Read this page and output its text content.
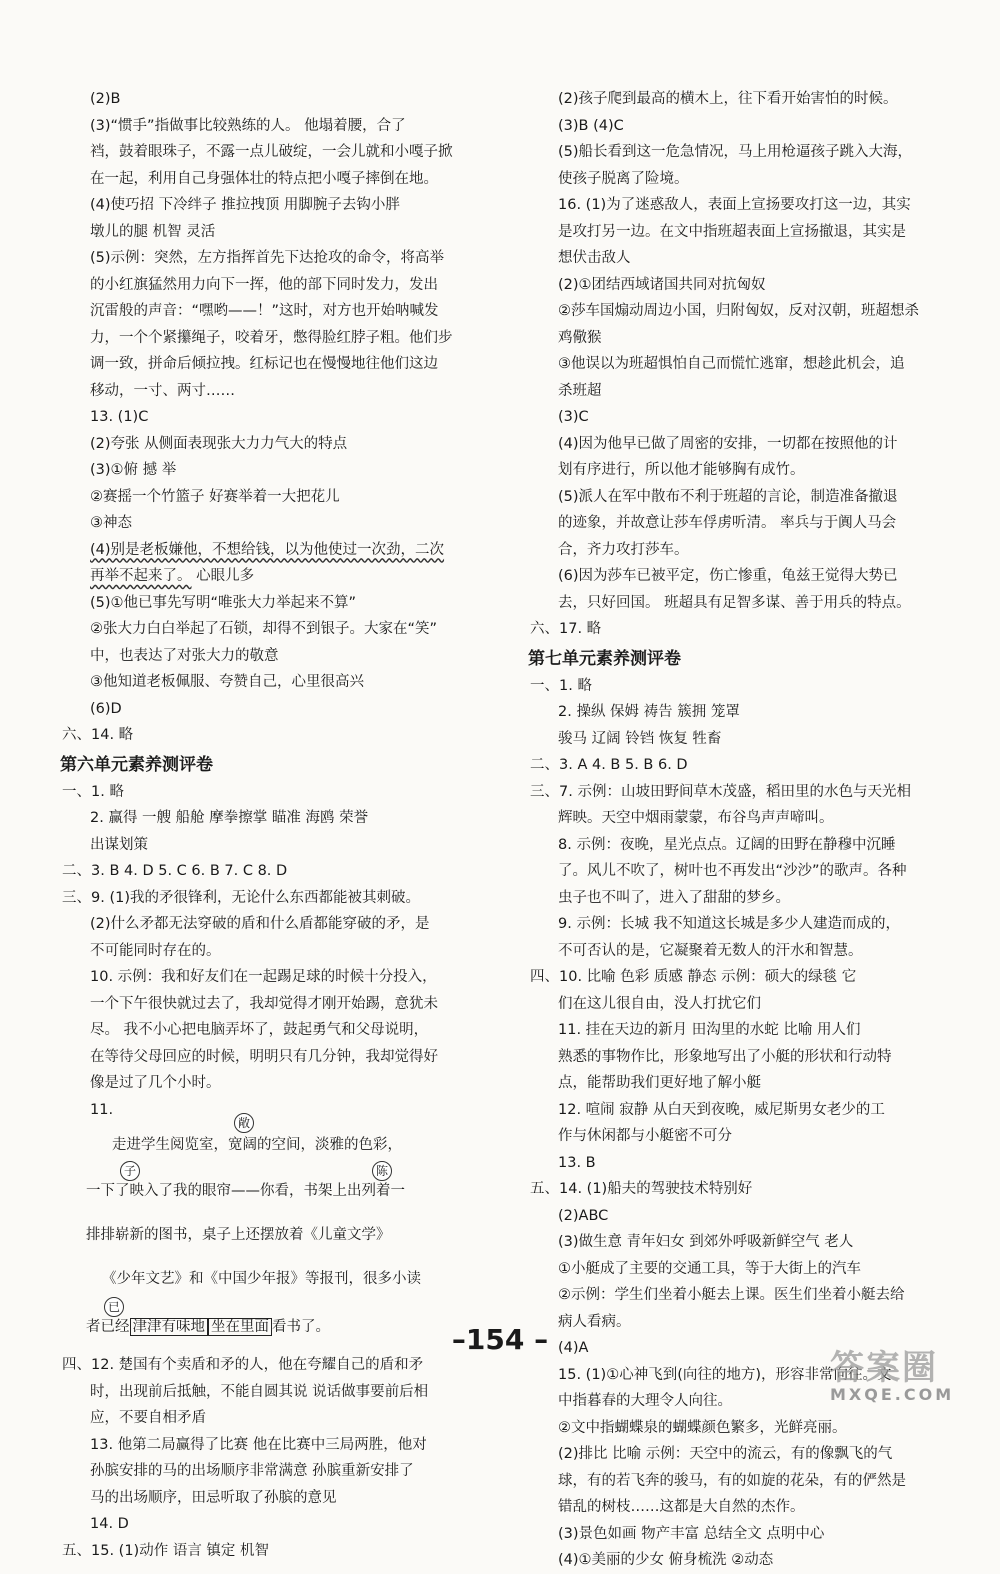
(2)B
(3)“惯手”指做事比较熟练的人。 他塌着腰，合了
裆，鼓着眼珠子，不露一点儿破绽，一会儿就和小嘎子掀
在一起，利用自己身强体壮的特点把小嘎子摔倒在地。
(4)使巧招 下冷绊子 推拉拽顶 用脚腕子去钩小胖
墩儿的腿 机智 灵活
(5)示例：突然，左方指挥首先下达抢攻的命令，将高举
的小红旗猛然用力向下一挥，他的部下同时发力，发出
沉雷般的声音：“嘿哟——！”这时，对方也开始呐喊发
力，一个个紧攥绳子，咬着牙，憋得脸红脖子粗。他们步
调一致，拼命后倾拉拽。红标记也在慢慢地往他们这边
移动，一寸、两寸……
13. (1)C
(2)夸张 从侧面表现张大力力气大的特点
(3)①俯 撼 举
②赛摇一个竹篮子 好赛举着一大把花儿
③神态
(4)别是老板嫌他，不想给钱，以为他使过一次劲，二次
再举不起来了。 心眼儿多
(5)①他已事先写明“唯张大力举起来不算”
②张大力白白举起了石锁，却得不到银子。大家在“笑”
中，也表达了对张大力的敬意
③他知道老板佩服、夸赞自己，心里很高兴
(6)D
六、14. 略
第六单元素养测评卷
一、1. 略
2. 赢得 一艘 船舱 摩拳擦掌 瞄准 海鸥 荣誉
出谋划策
二、3. B 4. D 5. C 6. B 7. C 8. D
三、9. (1)我的矛很锋利，无论什么东西都能被其刺破。
(2)什么矛都无法穿破的盾和什么盾都能穿破的矛，是
不可能同时存在的。
10. 示例：我和好友们在一起踢足球的时候十分投入，
一个下午很快就过去了，我却觉得才刚开始踢，意犹未
尽。 我不小心把电脑弄坏了，鼓起勇气和父母说明，
在等待父母回应的时候，明明只有几分钟，我却觉得好
像是过了几个小时。
11.
走进学生阅览室，宽阔的空间，淡雅的色彩，
一下了映入了我的眼帘——你看，书架上出列着一
排排崭新的图书，桌子上还摆放着《儿童文学》
《少年文艺》和《中国少年报》等报刊，很多小读
者已经 津津有味地 坐在里面 看书了。
敞
子	陈
已
四、12. 楚国有个卖盾和矛的人，他在夸耀自己的盾和矛
时，出现前后抵触，不能自圆其说 说话做事要前后相
应，不要自相矛盾
13. 他第二局赢得了比赛 他在比赛中三局两胜，他对
孙膑安排的马的出场顺序非常满意 孙膑重新安排了
马的出场顺序，田忌听取了孙膑的意见
14. D
五、15. (1)动作 语言 镇定 机智
(2)孩子爬到最高的横木上，往下看开始害怕的时候。
(3)B (4)C
(5)船长看到这一危急情况，马上用枪逼孩子跳入大海，
使孩子脱离了险境。
16. (1)为了迷惑敌人，表面上宣扬要攻打这一边，其实
是攻打另一边。在文中指班超表面上宣扬撤退，其实是
想伏击敌人
(2)①团结西域诸国共同对抗匈奴
②莎车国煽动周边小国，归附匈奴，反对汉朝，班超想杀
鸡儆猴
③他误以为班超惧怕自己而慌忙逃窜，想趁此机会，追
杀班超
(3)C
(4)因为他早已做了周密的安排，一切都在按照他的计
划有序进行，所以他才能够胸有成竹。
(5)派人在军中散布不利于班超的言论，制造准备撤退
的迹象，并故意让莎车俘虏听清。 率兵与于阗人马会
合，齐力攻打莎车。
(6)因为莎车已被平定，伤亡惨重，龟兹王觉得大势已
去，只好回国。 班超具有足智多谋、善于用兵的特点。
六、17. 略
第七单元素养测评卷
一、1. 略
2. 操纵 保姆 祷告 簇拥 笼罩
骏马 辽阔 铃铛 恢复 牲畜
二、3. A 4. B 5. B 6. D
三、7. 示例：山坡田野间草木茂盛，稻田里的水色与天光相
辉映。天空中烟雨蒙蒙，布谷鸟声声啼叫。
8. 示例：夜晚，星光点点。辽阔的田野在静穆中沉睡
了。风儿不吹了，树叶也不再发出“沙沙”的歌声。各种
虫子也不叫了，进入了甜甜的梦乡。
9. 示例：长城 我不知道这长城是多少人建造而成的，
不可否认的是，它凝聚着无数人的汗水和智慧。
四、10. 比喻 色彩 质感 静态 示例：硕大的绿毯 它
们在这儿很自由，没人打扰它们
11. 挂在天边的新月 田沟里的水蛇 比喻 用人们
熟悉的事物作比，形象地写出了小艇的形状和行动特
点，能帮助我们更好地了解小艇
12. 喧闹 寂静 从白天到夜晚，威尼斯男女老少的工
作与休闲都与小艇密不可分
13. B
五、14. (1)船夫的驾驶技术特别好
(2)ABC
(3)做生意 青年妇女 到郊外呼吸新鲜空气 老人
①小艇成了主要的交通工具，等于大街上的汽车
②示例：学生们坐着小艇去上课。医生们坐着小艇去给
病人看病。
(4)A
15. (1)①心神飞到(向往的地方)，形容非常向往。文
中指暮春的大理令人向往。
②文中指蝴蝶泉的蝴蝶颜色繁多，光鲜亮丽。
(2)排比 比喻 示例：天空中的流云，有的像飘飞的气
球，有的若飞奔的骏马，有的如旋的花朵，有的俨然是
错乱的树枝……这都是大自然的杰作。
(3)景色如画 物产丰富 总结全文 点明中心
(4)①美丽的少女 俯身梳洗 ②动态
–154 –
答案圈
MXQE.COM
